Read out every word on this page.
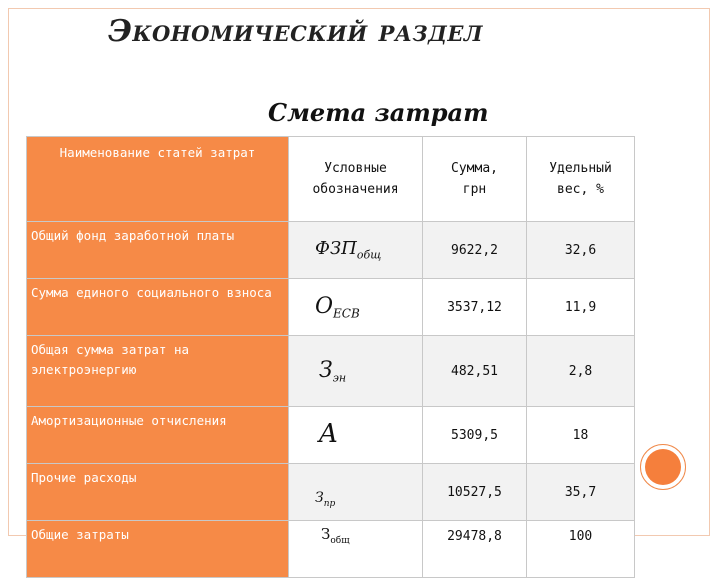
Экономический раздел
Смета затрат
Наименование статей затрат	Условные обозначения	Сумма, грн	Удельный вес, %

Общий фонд заработной платы	$ФЗП_{общ}$	9622,2	32,6
Сумма единого социального взноса	$О_{ЕСВ}$	3537,12	11,9
Общая сумма затрат на электроэнергию	$З_{эн}$	482,51	2,8
Амортизационные отчисления	A	5309,5	18
Прочие расходы	$З_{пр}$	10527,5	35,7
Общие затраты	$З_{общ}$	29478,8	100
